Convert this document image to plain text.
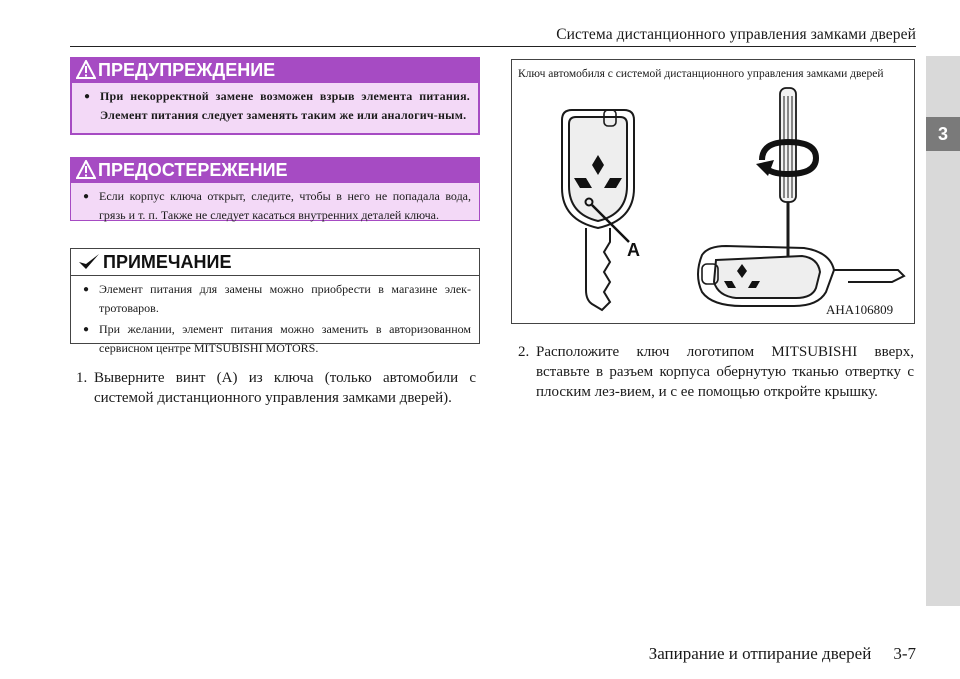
Система дистанционного управления замками дверей
3
ПРЕДУПРЕЖДЕНИЕ
● При некорректной замене возможен взрыв элемента питания. Элемент питания следует заменять таким же или аналогич-ным.
ПРЕДОСТЕРЕЖЕНИЕ
● Если корпус ключа открыт, следите, чтобы в него не попадала вода, грязь и т. п. Также не следует касаться внутренних деталей ключа.
ПРИМЕЧАНИЕ
● Элемент питания для замены можно приобрести в магазине элек-тротоваров.
● При желании, элемент питания можно заменить в авторизованном сервисном центре MITSUBISHI MOTORS.
1. Выверните винт (A) из ключа (только автомобили с системой дистанционного управления замками дверей).
A
Ключ автомобиля с системой дистанционного управления замками дверей
AHA106809
2. Расположите ключ логотипом MITSUBISHI вверх, вставьте в разъем корпуса обернутую тканью отвертку с плоским лез-вием, и с ее помощью откройте крышку.
Запирание и отпирание дверей 3-7
